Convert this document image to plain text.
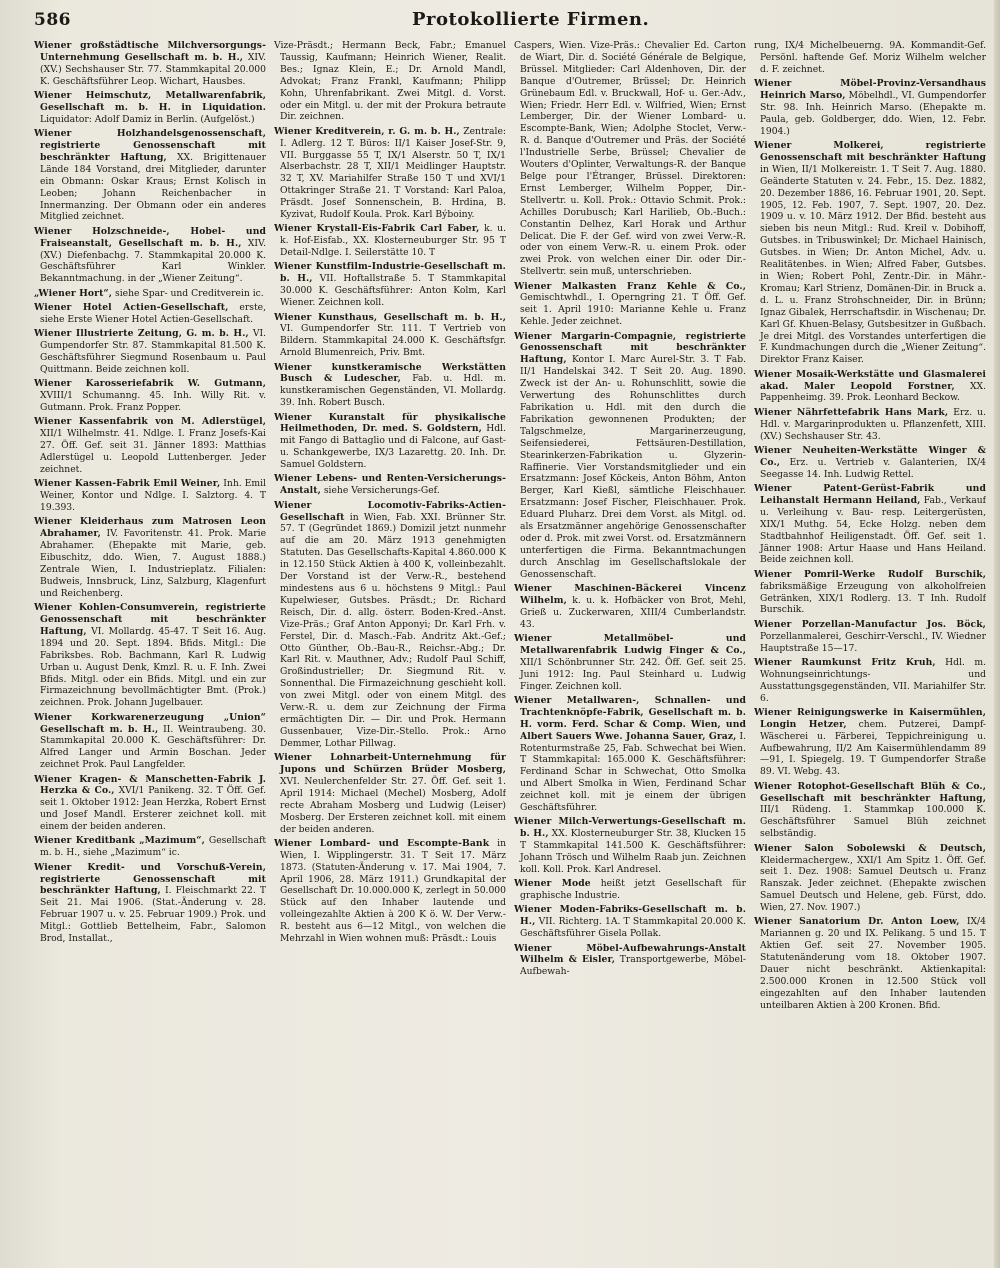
586	Protokollierte Firmen.

Wiener großstädtische Milchversorgungs-Unternehmung Gesellschaft m. b. H., XIV. (XV.) Sechshauser Str. 77. Stammkapital 20.000 K. Geschäftsführer Leop. Wichart, Hausbes.

Wiener Heimschutz, Metallwarenfabrik, Gesellschaft m. b. H. in Liquidation. Liquidator: Adolf Damiz in Berlin. (Aufgelöst.)

Wiener Holzhandelsgenossenschaft, registrierte Genossenschaft mit beschränkter Haftung, XX. Brigittenauer Lände 184 Vorstand, drei Mitglieder, darunter ein Obmann: Oskar Kraus; Ernst Kolisch in Leoben; Johann Reichenbacher in Innermanzing. Der Obmann oder ein anderes Mitglied zeichnet.

Wiener Holzschneide-, Hobel- und Fraiseanstalt, Gesellschaft m. b. H., XIV. (XV.) Diefenbachg. 7. Stammkapital 20.000 K. Geschäftsführer Karl Winkler. Bekanntmachung. in der „Wiener Zeitung“.

„Wiener Hort“, siehe Spar- und Creditverein ic.

Wiener Hotel Actien-Gesellschaft, erste, siehe Erste Wiener Hotel Actien-Gesellschaft.

Wiener Illustrierte Zeitung, G. m. b. H., VI. Gumpendorfer Str. 87. Stammkapital 81.500 K. Geschäftsführer Siegmund Rosenbaum u. Paul Quittmann. Beide zeichnen koll.

Wiener Karosseriefabrik W. Gutmann, XVIII/1 Schumanng. 45. Inh. Willy Rit. v. Gutmann. Prok. Franz Popper.

Wiener Kassenfabrik von M. Adlerstügel, XII/1 Wilhelmstr. 41. Ndlge. I. Franz Josefs-Kai 27. Öff. Gef. seit 31. Jänner 1893: Matthias Adlerstügel u. Leopold Luttenberger. Jeder zeichnet.

Wiener Kassen-Fabrik Emil Weiner, Inh. Emil Weiner, Kontor und Ndlge. I. Salztorg. 4. T 19.393.

Wiener Kleiderhaus zum Matrosen Leon Abrahamer, IV. Favoritenstr. 41. Prok. Marie Abrahamer. (Ehepakte mit Marie, geb. Eibuschitz, ddo. Wien, 7. August 1888.) Zentrale Wien, I. Industrieplatz. Filialen: Budweis, Innsbruck, Linz, Salzburg, Klagenfurt und Reichenberg.

Wiener Kohlen-Consumverein, registrierte Genossenschaft mit beschränkter Haftung, VI. Mollardg. 45-47. T Seit 16. Aug. 1894 und 20. Sept. 1894. Bfids. Mitgl.: Die Fabriksbes. Rob. Bachmann, Karl R. Ludwig Urban u. August Denk, Kmzl. R. u. F. Inh. Zwei Bfids. Mitgl. oder ein Bfids. Mitgl. und ein zur Firmazeichnung bevollmächtigter Bmt. (Prok.) zeichnen. Prok. Johann Jugelbauer.

Wiener Korkwarenerzeugung „Union“ Gesellschaft m. b. H., II. Weintraubeng. 30. Stammkapital 20.000 K. Geschäftsführer: Dr. Alfred Langer und Armin Boschan. Jeder zeichnet Prok. Paul Langfelder.

Wiener Kragen- & Manschetten-Fabrik J. Herzka & Co., XVI/1 Panikeng. 32. T Öff. Gef. seit 1. Oktober 1912: Jean Herzka, Robert Ernst und Josef Mandl. Ersterer zeichnet koll. mit einem der beiden anderen.

Wiener Kreditbank „Mazimum“, Gesellschaft m. b. H., siehe „Mazimum“ ic.

Wiener Kredit- und Vorschuß-Verein, registrierte Genossenschaft mit beschränkter Haftung, I. Fleischmarkt 22. T Seit 21. Mai 1906. (Stat.-Änderung v. 28. Februar 1907 u. v. 25. Februar 1909.) Prok. und Mitgl.: Gottlieb Bettelheim, Fabr., Salomon Brod, Installat.,

Vize-Präsdt.; Hermann Beck, Fabr.; Emanuel Taussig, Kaufmann; Heinrich Wiener, Realit. Bes.; Ignaz Klein, E.; Dr. Arnold Mandl, Advokat; Franz Frankl, Kaufmann; Philipp Kohn, Uhrenfabrikant. Zwei Mitgl. d. Vorst. oder ein Mitgl. u. der mit der Prokura betraute Dir. zeichnen.

Wiener Kreditverein, r. G. m. b. H., Zentrale: I. Adlerg. 12 T. Büros: II/1 Kaiser Josef-Str. 9, VII. Burggasse 55 T, IX/1 Alserstr. 50 T, IX/1 Alserbachstr. 28 T, XII/1 Meidlinger Hauptstr. 32 T, XV. Mariahilfer Straße 150 T und XVI/1 Ottakringer Straße 21. T Vorstand: Karl Paloa, Präsdt. Josef Sonnenschein, B. Hrdina, B. Kyzivat, Rudolf Koula. Prok. Karl Býboiny.

Wiener Krystall-Eis-Fabrik Carl Faber, k. u. k. Hof-Eisfab., XX. Klosterneuburger Str. 95 T Detail-Ndlge. I. Seilerstätte 10. T

Wiener Kunstfilm-Industrie-Gesellschaft m. b. H., VII. Hoftallstraße 5. T Stammkapital 30.000 K. Geschäftsführer: Anton Kolm, Karl Wiener. Zeichnen koll.

Wiener Kunsthaus, Gesellschaft m. b. H., VI. Gumpendorfer Str. 111. T Vertrieb von Bildern. Stammkapital 24.000 K. Geschäftsfgr. Arnold Blumenreich, Priv. Bmt.

Wiener kunstkeramische Werkstätten Busch & Ludescher, Fab. u. Hdl. m. kunstkeramischen Gegenständen, VI. Mollardg. 39. Inh. Robert Busch.

Wiener Kuranstalt für physikalische Heilmethoden, Dr. med. S. Goldstern, Hdl. mit Fango di Battaglio und di Falcone, auf Gast- u. Schankgewerbe, IX/3 Lazarettg. 20. Inh. Dr. Samuel Goldstern.

Wiener Lebens- und Renten-Versicherungs-Anstalt, siehe Versicherungs-Gef.

Wiener Locomotiv-Fabriks-Actien-Gesellschaft in Wien, Fab. XXI. Brünner Str. 57. T (Gegründet 1869.) Domizil jetzt nunmehr auf die am 20. März 1913 genehmigten Statuten. Das Gesellschafts-Kapital 4.860.000 K in 12.150 Stück Aktien à 400 K, volleinbezahlt. Der Vorstand ist der Verw.-R., bestehend mindestens aus 6 u. höchstens 9 Mitgl.: Paul Kupelwieser, Gutsbes. Präsdt.; Dr. Richard Reisch, Dir. d. allg. österr. Boden-Kred.-Anst. Vize-Präs.; Graf Anton Apponyi; Dr. Karl Frh. v. Ferstel, Dir. d. Masch.-Fab. Andritz Akt.-Gef.; Otto Günther, Ob.-Bau-R., Reichsr.-Abg.; Dr. Karl Rit. v. Mauthner, Adv.; Rudolf Paul Schiff, Großindustrieller; Dr. Siegmund Rit. v. Sonnenthal. Die Firmazeichnung geschieht koll. von zwei Mitgl. oder von einem Mitgl. des Verw.-R. u. dem zur Zeichnung der Firma ermächtigten Dir. — Dir. und Prok. Hermann Gussenbauer, Vize-Dir.-Stello. Prok.: Arno Demmer, Lothar Pillwag.

Wiener Lohnarbeit-Unternehmung für Jupons und Schürzen Brüder Mosberg, XVI. Neulerchenfelder Str. 27. Öff. Gef. seit 1. April 1914: Michael (Mechel) Mosberg, Adolf recte Abraham Mosberg und Ludwig (Leiser) Mosberg. Der Ersteren zeichnet koll. mit einem der beiden anderen.

Wiener Lombard- und Escompte-Bank in Wien, I. Wipplingerstr. 31. T Seit 17. März 1873. (Statuten-Änderung v. 17. Mai 1904, 7. April 1906, 28. März 1911.) Grundkapital der Gesellschaft Dr. 10.000.000 K, zerlegt in 50.000 Stück auf den Inhaber lautende und volleingezahlte Aktien à 200 K ö. W. Der Verw.-R. besteht aus 6—12 Mitgl., von welchen die Mehrzahl in Wien wohnen muß: Präsdt.: Louis

Caspers, Wien. Vize-Präs.: Chevalier Ed. Carton de Wiart, Dir. d. Société Générale de Belgique, Brüssel. Mitglieder: Carl Aldenhoven, Dir. der Banque d'Outremer, Brüssel; Dr. Heinrich Grünebaum Edl. v. Bruckwall, Hof- u. Ger.-Adv., Wien; Friedr. Herr Edl. v. Wilfried, Wien; Ernst Lemberger, Dir. der Wiener Lombard- u. Escompte-Bank, Wien; Adolphe Stoclet, Verw.-R. d. Banque d'Outremer und Präs. der Société l'Industrielle Serbe, Brüssel; Chevalier de Wouters d'Oplinter, Verwaltungs-R. der Banque Belge pour l'Étranger, Brüssel. Direktoren: Ernst Lemberger, Wilhelm Popper, Dir.-Stellvertr. u. Koll. Prok.: Ottavio Schmit. Prok.: Achilles Dorubusch; Karl Harilieb, Ob.-Buch.: Constantin Delhez, Karl Horak und Arthur Delicat. Die F. der Gef. wird von zwei Verw.-R. oder von einem Verw.-R. u. einem Prok. oder zwei Prok. von welchen einer Dir. oder Dir.-Stellvertr. sein muß, unterschrieben.

Wiener Malkasten Franz Kehle & Co., Gemischtwhdl., I. Operngring 21. T Öff. Gef. seit 1. April 1910: Marianne Kehle u. Franz Kehle. Jeder zeichnet.

Wiener Margarin-Compagnie, registrierte Genossenschaft mit beschränkter Haftung, Kontor I. Marc Aurel-Str. 3. T Fab. II/1 Handelskai 342. T Seit 20. Aug. 1890. Zweck ist der An- u. Rohunschlitt, sowie die Verwertung des Rohunschlittes durch Fabrikation u. Hdl. mit den durch die Fabrikation gewonnenen Produkten; der Talgschmelze, Margarinerzeugung, Seifensiederei, Fettsäuren-Destillation, Stearinkerzen-Fabrikation u. Glyzerin-Raffinerie. Vier Vorstandsmitglieder und ein Ersatzmann: Josef Köckeis, Anton Böhm, Anton Berger, Karl Kießl, sämtliche Fleischhauer. Ersatzmann: Josef Fischer, Fleischhauer. Prok. Eduard Pluharz. Drei dem Vorst. als Mitgl. od. als Ersatzmänner angehörige Genossenschafter oder d. Prok. mit zwei Vorst. od. Ersatzmännern unterfertigen die Firma. Bekanntmachungen durch Anschlag im Gesellschaftslokale der Genossenschaft.

Wiener Maschinen-Bäckerei Vincenz Wilhelm, k. u. k. Hofbäcker von Brot, Mehl, Grieß u. Zuckerwaren, XIII/4 Cumberlandstr. 43.

Wiener Metallmöbel- und Metallwarenfabrik Ludwig Finger & Co., XII/1 Schönbrunner Str. 242. Öff. Gef. seit 25. Juni 1912: Ing. Paul Steinhard u. Ludwig Finger. Zeichnen koll.

Wiener Metallwaren-, Schnallen- und Trachtenknöpfe-Fabrik, Gesellschaft m. b. H. vorm. Ferd. Schar & Comp. Wien, und Albert Sauers Wwe. Johanna Sauer, Graz, I. Rotenturmstraße 25, Fab. Schwechat bei Wien. T Stammkapital: 165.000 K. Geschäftsführer: Ferdinand Schar in Schwechat, Otto Smolka und Albert Smolka in Wien, Ferdinand Schar zeichnet koll. mit je einem der übrigen Geschäftsführer.

Wiener Milch-Verwertungs-Gesellschaft m. b. H., XX. Klosterneuburger Str. 38, Klucken 15 T Stammkapital 141.500 K. Geschäftsführer: Johann Trösch und Wilhelm Raab jun. Zeichnen koll. Koll. Prok. Karl Andresel.

Wiener Mode heißt jetzt Gesellschaft für graphische Industrie.

Wiener Moden-Fabriks-Gesellschaft m. b. H., VII. Richterg. 1A. T Stammkapital 20.000 K. Geschäftsführer Gisela Pollak.

Wiener Möbel-Aufbewahrungs-Anstalt Wilhelm & Eisler, Transportgewerbe, Möbel-Aufbewah-

rung, IX/4 Michelbeuerng. 9A. Kommandit-Gef. Persönl. haftende Gef. Moriz Wilhelm welcher d. F. zeichnet.

Wiener Möbel-Provinz-Versandhaus Heinrich Marso, Möbelhdl., VI. Gumpendorfer Str. 98. Inh. Heinrich Marso. (Ehepakte m. Paula, geb. Goldberger, ddo. Wien, 12. Febr. 1904.)

Wiener Molkerei, registrierte Genossenschaft mit beschränkter Haftung in Wien, II/1 Molkereistr. 1. T Seit 7. Aug. 1880. Geänderte Statuten v. 24. Febr., 15. Dez. 1882, 20. Dezember 1886, 16. Februar 1901, 20. Sept. 1905, 12. Feb. 1907, 7. Sept. 1907, 20. Dez. 1909 u. v. 10. März 1912. Der Bfid. besteht aus sieben bis neun Mitgl.: Rud. Kreil v. Dobihoff, Gutsbes. in Tribuswinkel; Dr. Michael Hainisch, Gutsbes. in Wien; Dr. Anton Michel, Adv. u. Realitätenbes. in Wien; Alfred Faber, Gutsbes. in Wien; Robert Pohl, Zentr.-Dir. in Mähr.-Kromau; Karl Strienz, Domänen-Dir. in Bruck a. d. L. u. Franz Strohschneider, Dir. in Brünn; Ignaz Gibalek, Herrschaftsdir. in Wischenau; Dr. Karl Gf. Khuen-Belasy, Gutsbesitzer in Gußbach. Je drei Mitgl. des Vorstandes unterfertigen die F. Kundmachungen durch die „Wiener Zeitung“. Direktor Franz Kaiser.

Wiener Mosaik-Werkstätte und Glasmalerei akad. Maler Leopold Forstner, XX. Pappenheimg. 39. Prok. Leonhard Beckow.

Wiener Nährfettefabrik Hans Mark, Erz. u. Hdl. v. Margarinprodukten u. Pflanzenfett, XIII. (XV.) Sechshauser Str. 43.

Wiener Neuheiten-Werkstätte Winger & Co., Erz. u. Vertrieb v. Galanterien, IX/4 Seegasse 14. Inh. Ludwig Rettel.

Wiener Patent-Gerüst-Fabrik und Leihanstalt Hermann Heiland, Fab., Verkauf u. Verleihung v. Bau- resp. Leitergerüsten, XIX/1 Muthg. 54, Ecke Holzg. neben dem Stadtbahnhof Heiligenstadt. Öff. Gef. seit 1. Jänner 1908: Artur Haase und Hans Heiland. Beide zeichnen koll.

Wiener Pomril-Werke Rudolf Burschik, fabriksmäßige Erzeugung von alkoholfreien Getränken, XIX/1 Rodlerg. 13. T Inh. Rudolf Burschik.

Wiener Porzellan-Manufactur Jos. Böck, Porzellanmalerei, Geschirr-Verschl., IV. Wiedner Hauptstraße 15—17.

Wiener Raumkunst Fritz Kruh, Hdl. m. Wohnungseinrichtungs- und Ausstattungsgegenständen, VII. Mariahilfer Str. 6.

Wiener Reinigungswerke in Kaisermühlen, Longin Hetzer, chem. Putzerei, Dampf-Wäscherei u. Färberei, Teppichreinigung u. Aufbewahrung, II/2 Am Kaisermühlendamm 89—91, I. Spiegelg. 19. T Gumpendorfer Straße 89. VI. Webg. 43.

Wiener Rotophot-Gesellschaft Blüh & Co., Gesellschaft mit beschränkter Haftung, III/1 Rüdeng. 1. Stammkap 100.000 K. Geschäftsführer Samuel Blüh zeichnet selbständig.

Wiener Salon Sobolewski & Deutsch, Kleidermachergew., XXI/1 Am Spitz 1. Öff. Gef. seit 1. Dez. 1908: Samuel Deutsch u. Franz Ranszak. Jeder zeichnet. (Ehepakte zwischen Samuel Deutsch und Helene, geb. Fürst, ddo. Wien, 27. Nov. 1907.)

Wiener Sanatorium Dr. Anton Loew, IX/4 Mariannen g. 20 und IX. Pelikang. 5 und 15. T Aktien Gef. seit 27. November 1905. Statutenänderung vom 18. Oktober 1907. Dauer nicht beschränkt. Aktienkapital: 2.500.000 Kronen in 12.500 Stück voll eingezahlten auf den Inhaber lautenden unteilbaren Aktien à 200 Kronen. Bfid.
